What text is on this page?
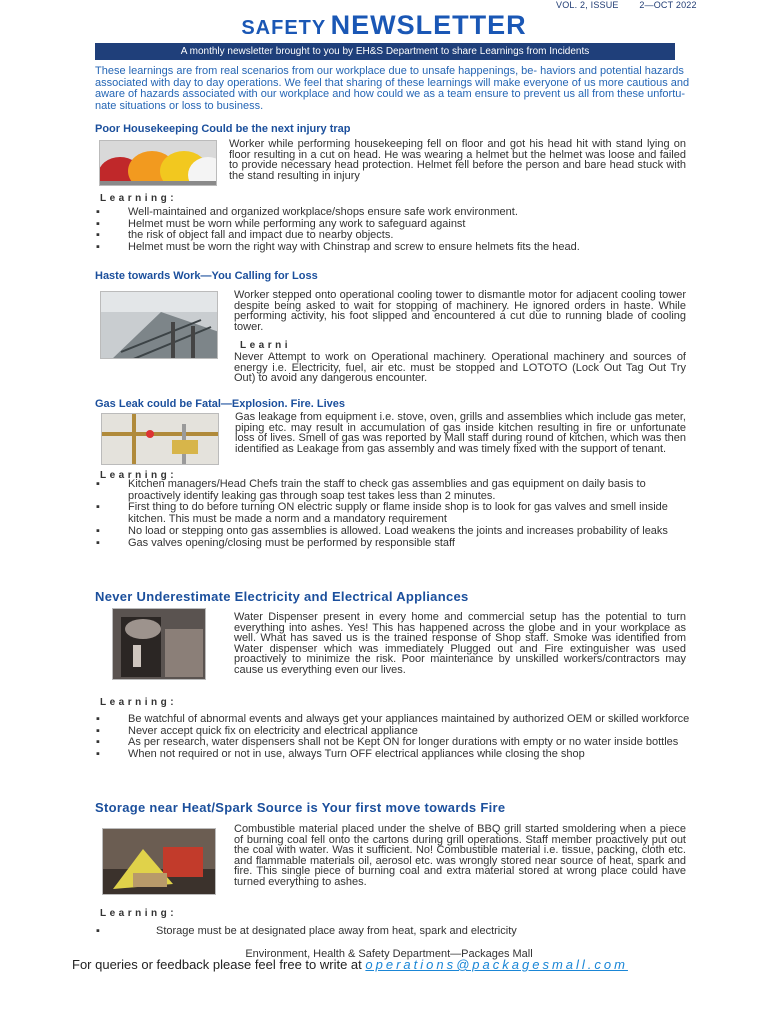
VOL. 2, ISSUE 2—OCT 2022
SAFETY NEWSLETTER
A monthly newsletter brought to you by EH&S Department to share Learnings from Incidents
These learnings are from real scenarios from our workplace due to unsafe happenings, be- haviors and potential hazards associated with day to day operations. We feel that sharing of these learnings will make everyone of us more cautious and aware of hazards associated with our workplace and how could we as a team ensure to prevent us all from these unfortu- nate situations or loss to business.
Poor Housekeeping Could be the next injury trap
Worker while performing housekeeping fell on floor and got his head hit with stand lying on floor resulting in a cut on head. He was wearing a helmet but the helmet was loose and failed to provide necessary head protection. Helmet fell before the person and bare head stuck with the stand resulting in injury
Learning:
▪	Well-maintained and organized workplace/shops ensure safe work environment.
▪	Helmet must be worn while performing any work to safeguard against
▪	the risk of object fall and impact due to nearby objects.
▪	Helmet must be worn the right way with Chinstrap and screw to ensure helmets fits the head.
Haste towards Work—You Calling for Loss
Worker stepped onto operational cooling tower to dismantle motor for adjacent cooling tower despite being asked to wait for stopping of machinery. He ignored orders in haste. While performing activity, his foot slipped and encountered a cut due to running blade of cooling tower.
Learni
Never Attempt to work on Operational machinery. Operational machinery and sources of energy i.e. Electricity, fuel, air etc. must be stopped and LOTOTO (Lock Out Tag Out Try Out) to avoid any dangerous encounter.
Gas Leak could be Fatal—Explosion. Fire. Lives
Gas leakage from equipment i.e. stove, oven, grills and assemblies which include gas meter, piping etc. may result in accumulation of gas inside kitchen resulting in fire or unfortunate loss of lives. Smell of gas was reported by Mall staff during round of kitchen, which was then identified as Leakage from gas assembly and was timely fixed with the support of tenant.
Learning:
▪	Kitchen managers/Head Chefs train the staff to check gas assemblies and gas equipment on daily basis to proactively identify leaking gas through soap test takes less than 2 minutes.
▪	First thing to do before turning ON electric supply or flame inside shop is to look for gas valves and smell inside kitchen. This must be made a norm and a mandatory requirement
▪	No load or stepping onto gas assemblies is allowed. Load weakens the joints and increases probability of leaks
▪	Gas valves opening/closing must be performed by responsible staff
Never Underestimate Electricity and Electrical Appliances
Water Dispenser present in every home and commercial setup has the potential to turn everything into ashes. Yes! This has happened across the globe and in your workplace as well. What has saved us is the trained response of Shop staff. Smoke was identified from Water dispenser which was immediately Plugged out and Fire extinguisher was used proactively to minimize the risk. Poor maintenance by unskilled workers/contractors may cause us everything even our lives.
Learning:
▪	Be watchful of abnormal events and always get your appliances maintained by authorized OEM or skilled workforce
▪	Never accept quick fix on electricity and electrical appliance
▪	As per research, water dispensers shall not be Kept ON for longer durations with empty or no water inside bottles
▪	When not required or not in use, always Turn OFF electrical appliances while closing the shop
Storage near Heat/Spark Source is Your first move towards Fire
Combustible material placed under the shelve of BBQ grill started smoldering when a piece of burning coal fell onto the cartons during grill operations. Staff member proactively put out the coal with water. Was it sufficient. No! Combustible material i.e. tissue, packing, cloth etc. and flammable materials oil, aerosol etc. was wrongly stored near source of heat, spark and fire. This single piece of burning coal and extra material stored at wrong place could have turned everything to ashes.
Learning:
▪	Storage must be at designated place away from heat, spark and electricity
Environment, Health & Safety Department—Packages Mall
For queries or feedback please feel free to write at operations@packagesmall.com
